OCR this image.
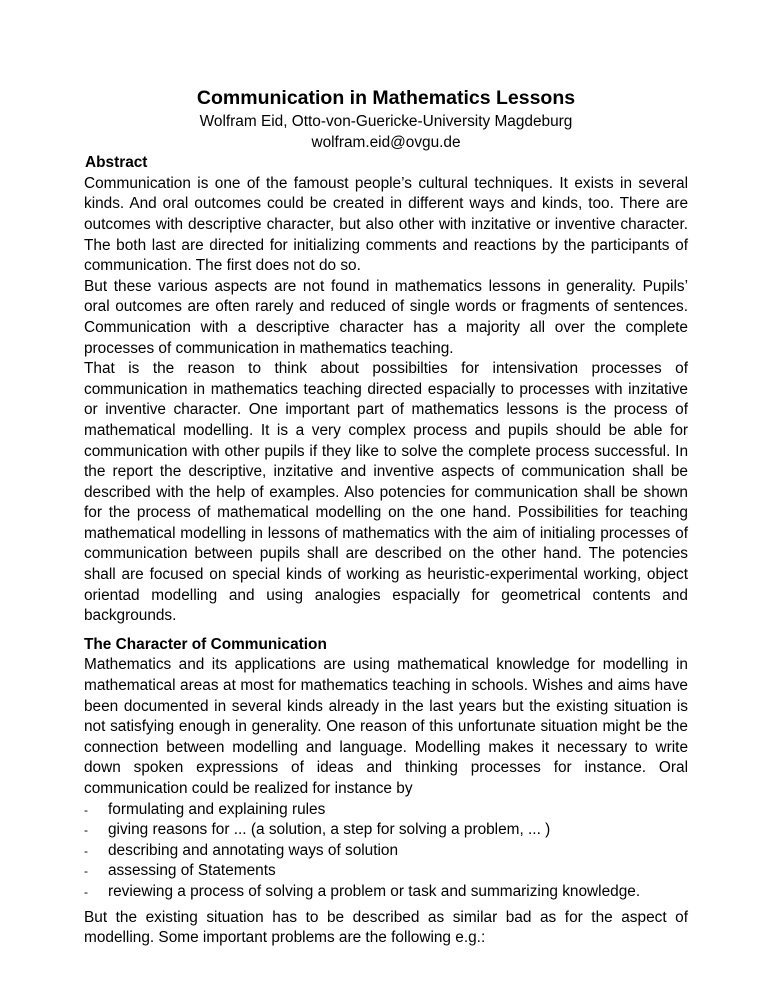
Communication in Mathematics Lessons
Wolfram Eid, Otto-von-Guericke-University Magdeburg
wolfram.eid@ovgu.de
Abstract

Communication is one of the famoust people’s cultural techniques. It exists in several kinds. And oral outcomes could be created in different ways and kinds, too. There are outcomes with descriptive character, but also other with inzitative or inventive character. The both last are directed for initializing comments and reactions by the participants of communication. The first does not do so.

But these various aspects are not found in mathematics lessons in generality. Pupils’ oral outcomes are often rarely and reduced of single words or fragments of sentences. Communication with a descriptive character has a majority all over the complete processes of communication in mathematics teaching.

That is the reason to think about possibilties for intensivation processes of communication in mathematics teaching directed espacially to processes with inzitative or inventive character. One important part of mathematics lessons is the process of mathematical modelling. It is a very complex process and pupils should be able for communication with other pupils if they like to solve the complete process successful. In the report the descriptive, inzitative and inventive aspects of communication shall be described with the help of examples. Also potencies for communication shall be shown for the process of mathematical modelling on the one hand. Possibilities for teaching mathematical modelling in lessons of mathematics with the aim of initialing processes of communication between pupils shall are described on the other hand. The potencies shall are focused on special kinds of working as heuristic-experimental working, object orientad modelling and using analogies espacially for geometrical contents and backgrounds.

The Character of Communication

Mathematics and its applications are using mathematical knowledge for modelling in mathematical areas at most for mathematics teaching in schools. Wishes and aims have been documented in several kinds already in the last years but the existing situation is not satisfying enough in generality. One reason of this unfortunate situation might be the connection between modelling and language. Modelling makes it necessary to write down spoken expressions of ideas and thinking processes for instance. Oral communication could be realized for instance by

- formulating and explaining rules
- giving reasons for ... (a solution, a step for solving a problem, ... )
- describing and annotating ways of solution
- assessing of Statements
- reviewing a process of solving a problem or task and summarizing knowledge.

But the existing situation has to be described as similar bad as for the aspect of modelling. Some important problems are the following e.g.:
